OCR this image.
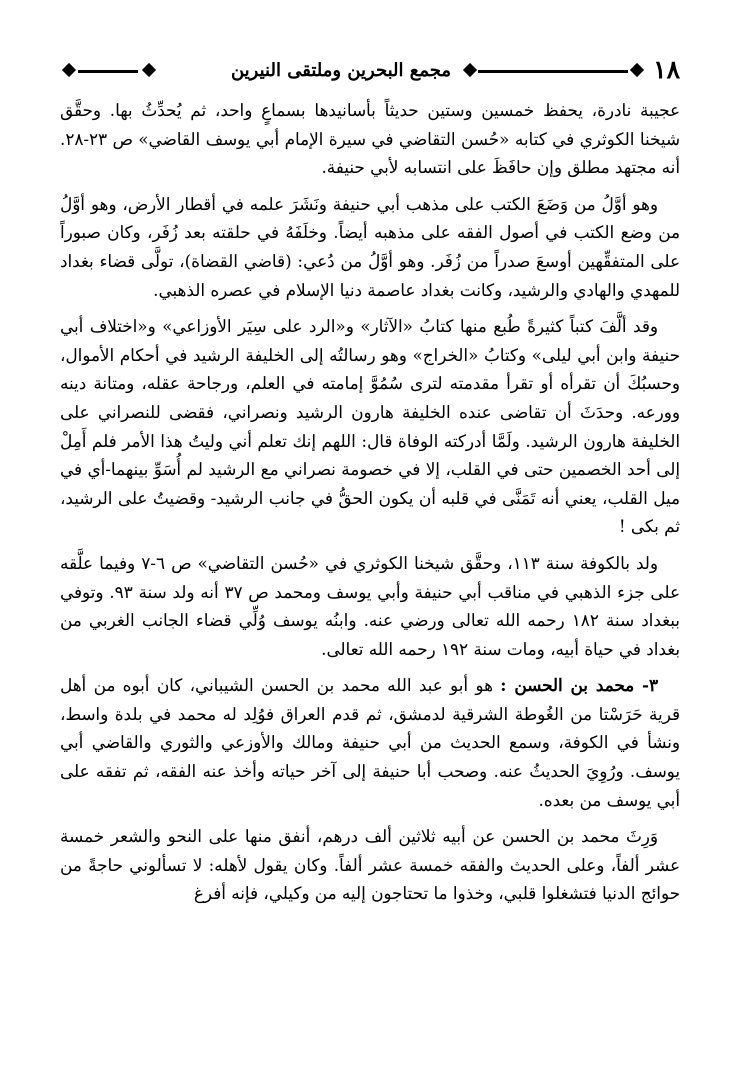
١٨
مجمع البحرين وملتقى النيرين

عجيبة نادرة، يحفظ خمسين وستين حديثاً بأسانيدها بسماعٍ واحد، ثم يُحدِّثُ بها. وحقَّق شيخنا الكوثري في كتابه «حُسن التقاضي في سيرة الإمام أبي يوسف القاضي» ص ٢٣-٢٨. أنه مجتهد مطلق وإن حافَظَ على انتسابه لأبي حنيفة.

وهو أوَّلُ من وَضَعَ الكتب على مذهب أبي حنيفة ونَشَرَ علمه في أقطار الأرض، وهو أوَّلُ من وضع الكتب في أصول الفقه على مذهبه أيضاً. وخلَفَهُ في حلقته بعد زُفَر، وكان صبوراً على المتفقِّهين أوسعَ صدراً من زُفَر. وهو أوَّلُ من دُعي: (قاضي القضاة)، تولَّى قضاء بغداد للمهدي والهادي والرشيد، وكانت بغداد عاصمة دنيا الإسلام في عصره الذهبي.

وقد ألَّفَ كتباً كثيرةً طُبع منها كتابُ «الآثار» و«الرد على سِيَر الأوزاعي» و«اختلاف أبي حنيفة وابن أبي ليلى» وكتابُ «الخراج» وهو رسالتُه إلى الخليفة الرشيد في أحكام الأموال، وحسبُكَ أن تقرأه أو تقرأ مقدمته لترى سُمُوَّ إمامته في العلم، ورجاحة عقله، ومتانة دينه وورعه. وحدَثَ أن تقاضى عنده الخليفة هارون الرشيد ونصراني، فقضى للنصراني على الخليفة هارون الرشيد. ولَمَّا أدركته الوفاة قال: اللهم إنك تعلم أني وليتُ هذا الأمر فلم أَمِلْ إلى أحد الخصمين حتى في القلب، إلا في خصومة نصراني مع الرشيد لم أُسَوِّ بينهما-أي في ميل القلب، يعني أنه تَمَنَّى في قلبه أن يكون الحقُّ في جانب الرشيد- وقضيتُ على الرشيد، ثم بكى !

ولد بالكوفة سنة ١١٣، وحقَّق شيخنا الكوثري في «حُسن التقاضي» ص ٦-٧ وفيما علَّقه على جزء الذهبي في مناقب أبي حنيفة وأبي يوسف ومحمد ص ٣٧ أنه ولد سنة ٩٣. وتوفي ببغداد سنة ١٨٢ رحمه الله تعالى ورضي عنه. وابنُه يوسف وُلِّي قضاء الجانب الغربي من بغداد في حياة أبيه، ومات سنة ١٩٢ رحمه الله تعالى.

٣- محمد بن الحسن : هو أبو عبد الله محمد بن الحسن الشيباني، كان أبوه من أهل قرية حَرَسْتا من الغُوطة الشرقية لدمشق، ثم قدم العراق فوُلِد له محمد في بلدة واسط، ونشأ في الكوفة، وسمع الحديث من أبي حنيفة ومالك والأوزعي والثوري والقاضي أبي يوسف. ورُوِيَ الحديثُ عنه. وصحب أبا حنيفة إلى آخر حياته وأخذ عنه الفقه، ثم تفقه على أبي يوسف من بعده.

وَرِثَ محمد بن الحسن عن أبيه ثلاثين ألف درهم، أنفق منها على النحو والشعر خمسة عشر ألفاً، وعلى الحديث والفقه خمسة عشر ألفاً. وكان يقول لأهله: لا تسألوني حاجةً من حوائج الدنيا فتشغلوا قلبي، وخذوا ما تحتاجون إليه من وكيلي، فإنه أفرغ
